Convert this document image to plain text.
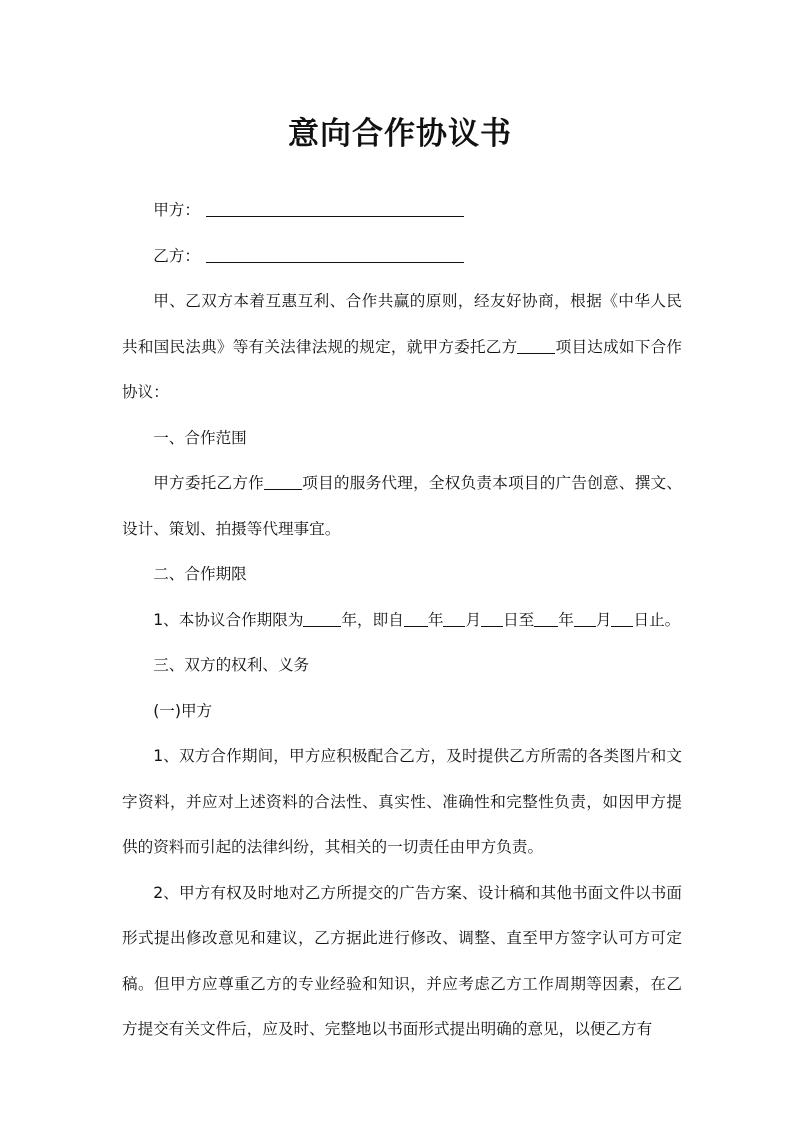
意向合作协议书

甲方：

乙方：

甲、乙双方本着互惠互利、合作共赢的原则，经友好协商，根据《中华人民共和国民法典》等有关法律法规的规定，就甲方委托乙方 项目达成如下合作协议：

一、合作范围

甲方委托乙方作 项目的服务代理，全权负责本项目的广告创意、撰文、设计、策划、拍摄等代理事宜。

二、合作期限

1、本协议合作期限为 年，即自 年 月 日至 年 月 日止。

三、双方的权利、义务

(一)甲方

1、双方合作期间，甲方应积极配合乙方，及时提供乙方所需的各类图片和文字资料，并应对上述资料的合法性、真实性、准确性和完整性负责，如因甲方提供的资料而引起的法律纠纷，其相关的一切责任由甲方负责。

2、甲方有权及时地对乙方所提交的广告方案、设计稿和其他书面文件以书面形式提出修改意见和建议，乙方据此进行修改、调整、直至甲方签字认可方可定稿。但甲方应尊重乙方的专业经验和知识，并应考虑乙方工作周期等因素，在乙方提交有关文件后，应及时、完整地以书面形式提出明确的意见，以便乙方有
